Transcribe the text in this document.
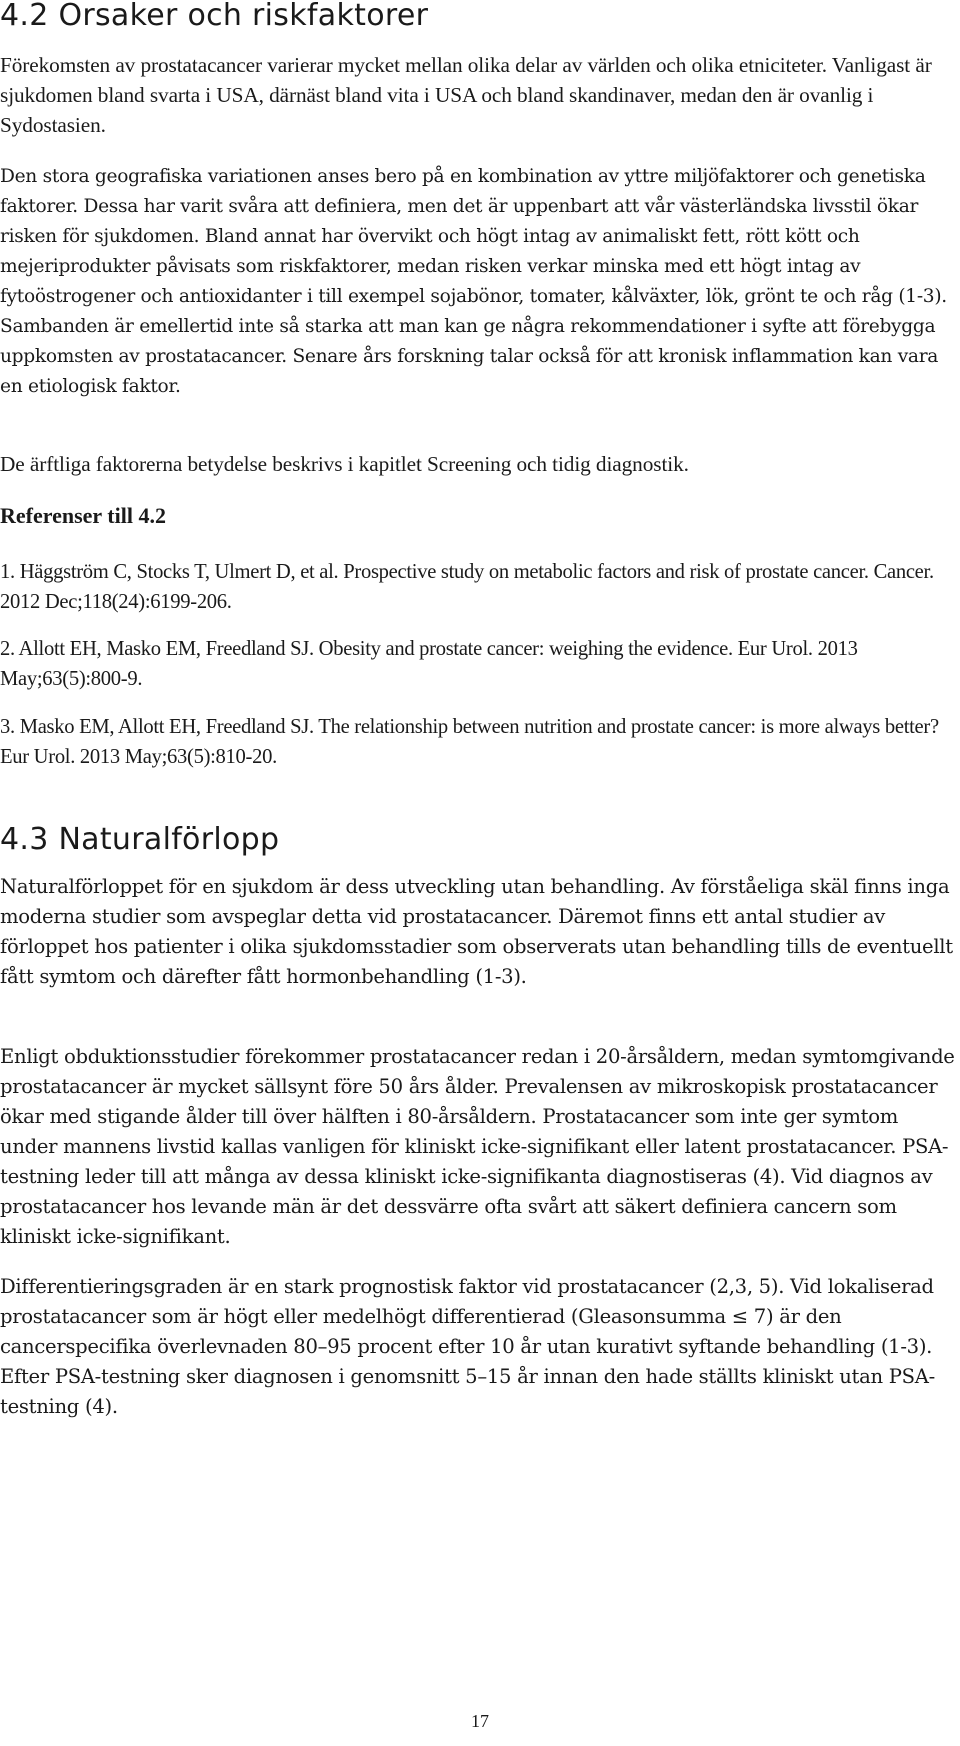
4.2 Orsaker och riskfaktorer

Förekomsten av prostatacancer varierar mycket mellan olika delar av världen och olika etniciteter. Vanligast är sjukdomen bland svarta i USA, därnäst bland vita i USA och bland skandinaver, medan den är ovanlig i Sydostasien.

Den stora geografiska variationen anses bero på en kombination av yttre miljöfaktorer och genetiska faktorer. Dessa har varit svåra att definiera, men det är uppenbart att vår västerländska livsstil ökar risken för sjukdomen. Bland annat har övervikt och högt intag av animaliskt fett, rött kött och mejeriprodukter påvisats som riskfaktorer, medan risken verkar minska med ett högt intag av fytoöstrogener och antioxidanter i till exempel sojabönor, tomater, kålväxter, lök, grönt te och råg (1-3). Sambanden är emellertid inte så starka att man kan ge några rekommendationer i syfte att förebygga uppkomsten av prostatacancer. Senare års forskning talar också för att kronisk inflammation kan vara en etiologisk faktor.

De ärftliga faktorerna betydelse beskrivs i kapitlet Screening och tidig diagnostik.

Referenser till 4.2

1. Häggström C, Stocks T, Ulmert D, et al. Prospective study on metabolic factors and risk of prostate cancer. Cancer. 2012 Dec;118(24):6199-206.

2. Allott EH, Masko EM, Freedland SJ. Obesity and prostate cancer: weighing the evidence. Eur Urol. 2013 May;63(5):800-9.

3. Masko EM, Allott EH, Freedland SJ. The relationship between nutrition and prostate cancer: is more always better? Eur Urol. 2013 May;63(5):810-20.

4.3 Naturalförlopp

Naturalförloppet för en sjukdom är dess utveckling utan behandling. Av förståeliga skäl finns inga moderna studier som avspeglar detta vid prostatacancer. Däremot finns ett antal studier av förloppet hos patienter i olika sjukdomsstadier som observerats utan behandling tills de eventuellt fått symtom och därefter fått hormonbehandling (1-3).

Enligt obduktionsstudier förekommer prostatacancer redan i 20-årsåldern, medan symtomgivande prostatacancer är mycket sällsynt före 50 års ålder. Prevalensen av mikroskopisk prostatacancer ökar med stigande ålder till över hälften i 80-årsåldern. Prostatacancer som inte ger symtom under mannens livstid kallas vanligen för kliniskt icke-signifikant eller latent prostatacancer. PSA-testning leder till att många av dessa kliniskt icke-signifikanta diagnostiseras (4). Vid diagnos av prostatacancer hos levande män är det dessvärre ofta svårt att säkert definiera cancern som kliniskt icke-signifikant.

Differentieringsgraden är en stark prognostisk faktor vid prostatacancer (2,3, 5). Vid lokaliserad prostatacancer som är högt eller medelhögt differentierad (Gleasonsumma ≤ 7) är den cancerspecifika överlevnaden 80–95 procent efter 10 år utan kurativt syftande behandling (1-3). Efter PSA-testning sker diagnosen i genomsnitt 5–15 år innan den hade ställts kliniskt utan PSA-testning (4).

17
